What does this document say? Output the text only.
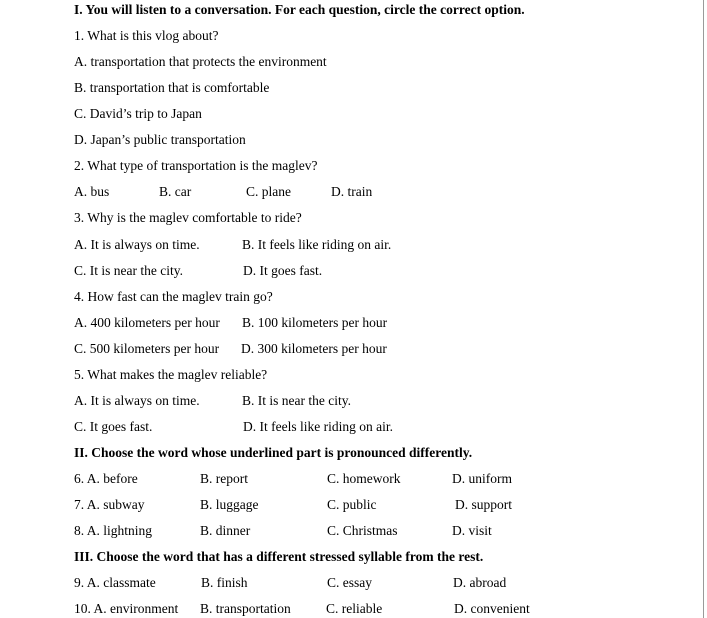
I. You will listen to a conversation. For each question, circle the correct option.
1. What is this vlog about?
A. transportation that protects the environment
B. transportation that is comfortable
C. David’s trip to Japan
D. Japan’s public transportation
2. What type of transportation is the maglev?
A. bus	B. car	C. plane	D. train
3. Why is the maglev comfortable to ride?
A. It is always on time.	B. It feels like riding on air.
C. It is near the city.	D. It goes fast.
4. How fast can the maglev train go?
A. 400 kilometers per hour B. 100 kilometers per hour
C. 500 kilometers per hour D. 300 kilometers per hour
5. What makes the maglev reliable?
A. It is always on time.	B. It is near the city.
C. It goes fast.	D. It feels like riding on air.
II. Choose the word whose underlined part is pronounced differently.
6. A. before	B. report	C. homework	D. uniform
7. A. subway	B. luggage	C. public	D. support
8. A. lightning	B. dinner	C. Christmas	D. visit
III. Choose the word that has a different stressed syllable from the rest.
9. A. classmate	B. finish	C. essay	D. abroad
10. A. environment B. transportation	C. reliable	D. convenient
